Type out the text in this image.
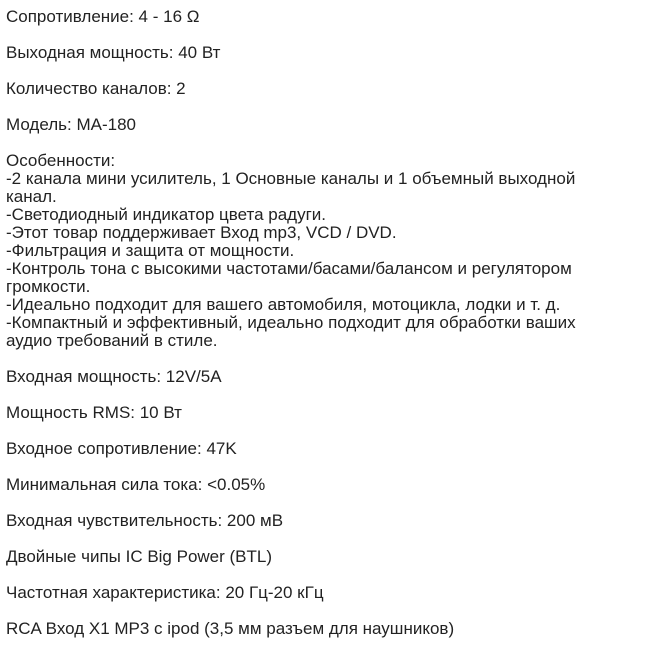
Сопротивление: 4 - 16 Ω

Выходная мощность: 40 Вт

Количество каналов: 2

Модель: MA-180

Особенности:
-2 канала мини усилитель, 1 Основные каналы и 1 объемный выходной
канал.
-Светодиодный индикатор цвета радуги.
-Этот товар поддерживает Вход mp3, VCD / DVD.
-Фильтрация и защита от мощности.
-Контроль тона с высокими частотами/басами/балансом и регулятором
громкости.
-Идеально подходит для вашего автомобиля, мотоцикла, лодки и т. д.
-Компактный и эффективный, идеально подходит для обработки ваших
аудио требований в стиле.

Входная мощность: 12V/5A

Мощность RMS: 10 Вт

Входное сопротивление: 47K

Минимальная сила тока: <0.05%

Входная чувствительность: 200 мВ

Двойные чипы IC Big Power (BTL)

Частотная характеристика: 20 Гц-20 кГц

RCA Вход X1 MP3 с ipod (3,5 мм разъем для наушников)
